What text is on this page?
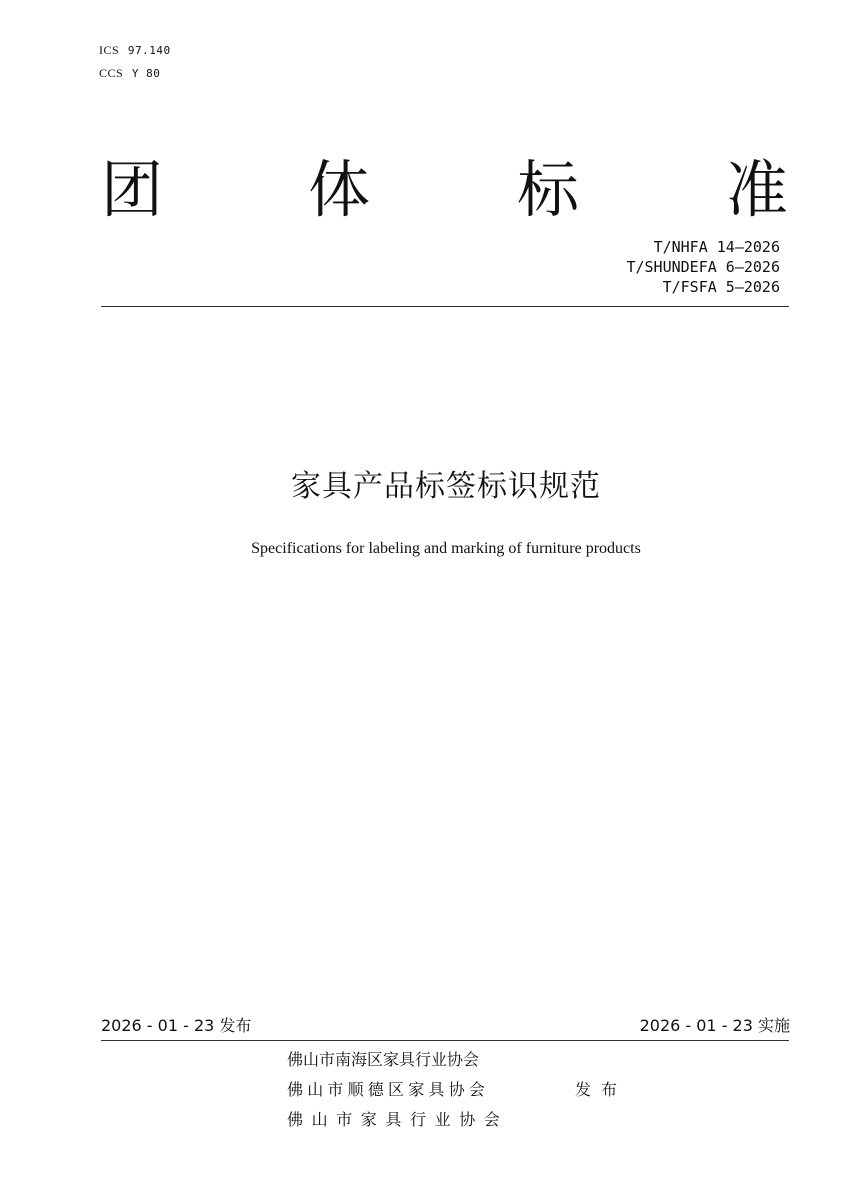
ICS 97.140
CCS Y 80
团 体 标 准
T/NHFA 14—2026
T/SHUNDEFA 6—2026
T/FSFA 5—2026
家具产品标签标识规范
Specifications for labeling and marking of furniture products
2026 - 01 - 23 发布	2026 - 01 - 23 实施
佛山市南海区家具行业协会
佛山市顺德区家具协会
佛山市家具行业协会
发布
